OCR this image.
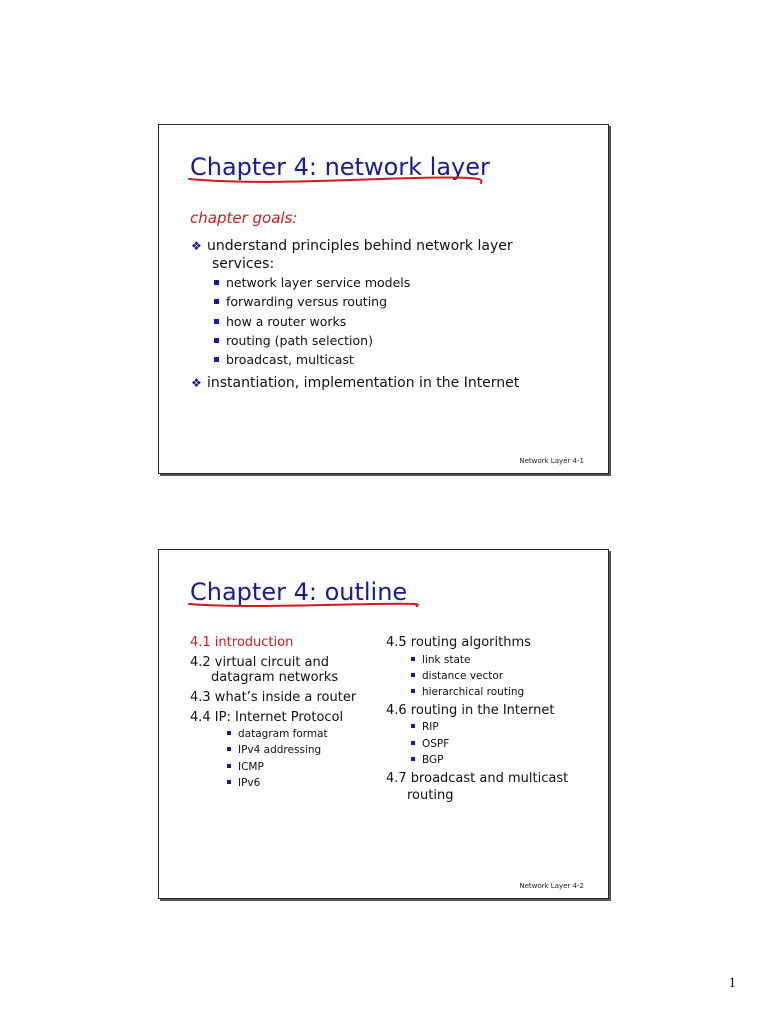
Chapter 4: network layer
chapter goals:
❖ understand principles behind network layer
services:
network layer service models
forwarding versus routing
how a router works
routing (path selection)
broadcast, multicast
❖ instantiation, implementation in the Internet
Network Layer 4-1
Chapter 4: outline
4.1 introduction
4.2 virtual circuit and
datagram networks
4.3 what’s inside a router
4.4 IP: Internet Protocol
datagram format
IPv4 addressing
ICMP
IPv6
4.5 routing algorithms
link state
distance vector
hierarchical routing
4.6 routing in the Internet
RIP
OSPF
BGP
4.7 broadcast and multicast
routing
Network Layer 4-2
1
